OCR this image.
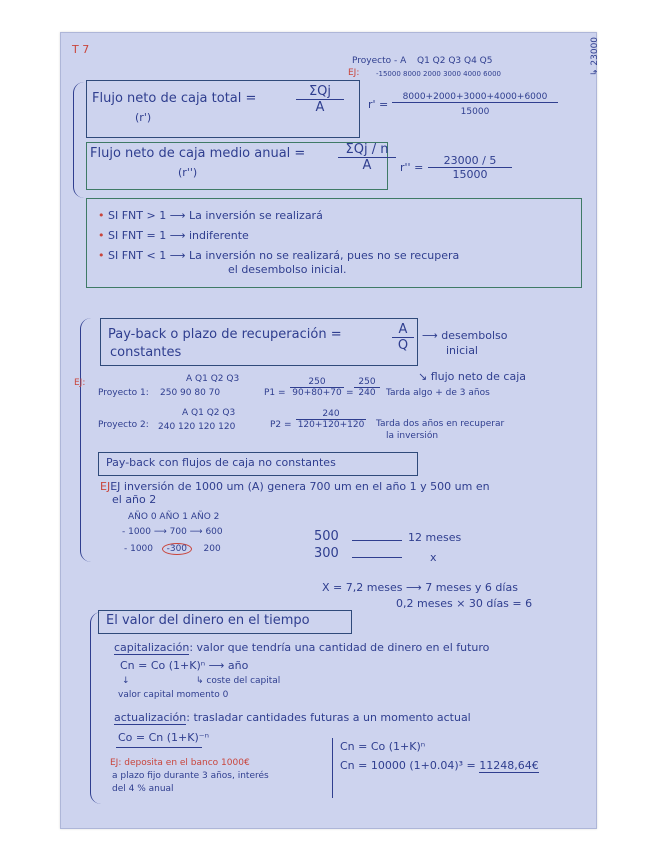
T 7
Proyecto - A Q1 Q2 Q3 Q4 Q5
EJ: -15000 8000 2000 3000 4000 6000	↳ 23000
Flujo neto de caja total =
(r')
ΣQj
A	$r' = \frac{8000+2000+3000+4000+6000}{15000}$
Flujo neto de caja medio anual =
(r'')
ΣQj / n
A	$r'' = \frac{23000 / 5}{15000}$
• SI FNT > 1 ⟶ La inversión se realizará
• SI FNT = 1 ⟶ indiferente
• SI FNT < 1 ⟶ La inversión no se realizará, pues no se recupera
el desembolso inicial.
Pay-back o plazo de recuperación =
constantes	$\frac{A}{Q}$ ⟶ desembolso
inicial
↘ flujo neto de caja
EJ:	A Q1 Q2 Q3
Proyecto 1: 250 90 80 70	$P1 = \frac{250}{90+80+70} = \frac{250}{240}$ Tarda algo + de 3 años
A Q1 Q2 Q3
Proyecto 2: 240 120 120 120	$P2 = \frac{240}{120+120+120}$ Tarda dos años en recuperar
la inversión
Pay-back con flujos de caja no constantes
EJEJ inversión de 1000 um (A) genera 700 um en el año 1 y 500 um en
el año 2
AÑO 0 AÑO 1 AÑO 2
- 1000 ⟶ 700 ⟶ 600
- 1000 -300 200
500	12 meses
300	x
X = 7,2 meses ⟶ 7 meses y 6 días
0,2 meses × 30 días = 6
El valor del dinero en el tiempo
capitalización: valor que tendría una cantidad de dinero en el futuro
Cn = Co (1+K)ⁿ ⟶ año
↓	↳ coste del capital
valor capital momento 0
actualización: trasladar cantidades futuras a un momento actual
Co = Cn (1+K)⁻ⁿ
EJ: deposita en el banco 1000€
a plazo fijo durante 3 años, interés
del 4 % anual
Cn = Co (1+K)ⁿ
Cn = 10000 (1+0.04)³ = 11248,64€
